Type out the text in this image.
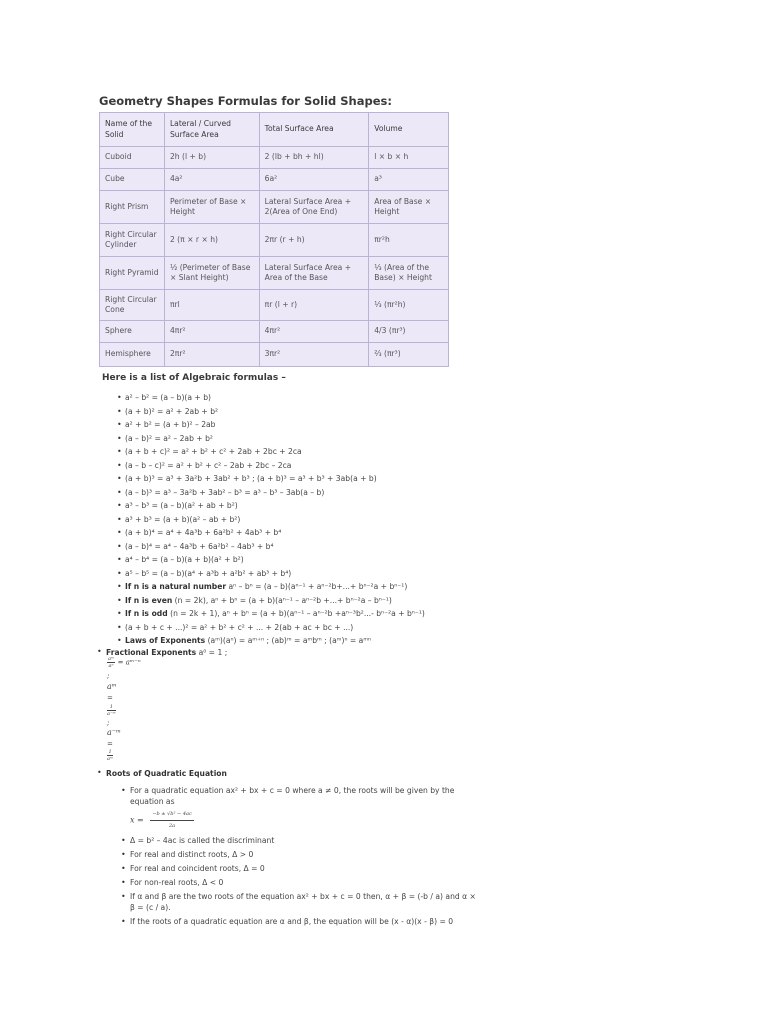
Geometry Shapes Formulas for Solid Shapes:
Name of the Solid	Lateral / Curved Surface Area	Total Surface Area	Volume
Cuboid	2h (l + b)	2 (lb + bh + hl)	l × b × h
Cube	4a²	6a²	a³
Right Prism	Perimeter of Base × Height	Lateral Surface Area + 2(Area of One End)	Area of Base × Height
Right Circular Cylinder	2 (π × r × h)	2πr (r + h)	πr²h
Right Pyramid	½ (Perimeter of Base × Slant Height)	Lateral Surface Area + Area of the Base	⅓ (Area of the Base) × Height
Right Circular Cone	πrl	πr (l + r)	⅓ (πr²h)
Sphere	4πr²	4πr²	4/3 (πr³)
Hemisphere	2πr²	3πr²	⅔ (πr³)
Here is a list of Algebraic formulas –
• a² – b² = (a – b)(a + b)
• (a + b)² = a² + 2ab + b²
• a² + b² = (a + b)² – 2ab
• (a – b)² = a² – 2ab + b²
• (a + b + c)² = a² + b² + c² + 2ab + 2bc + 2ca
• (a – b – c)² = a² + b² + c² – 2ab + 2bc – 2ca
• (a + b)³ = a³ + 3a²b + 3ab² + b³ ; (a + b)³ = a³ + b³ + 3ab(a + b)
• (a – b)³ = a³ – 3a²b + 3ab² – b³ = a³ – b³ – 3ab(a – b)
• a³ – b³ = (a – b)(a² + ab + b²)
• a³ + b³ = (a + b)(a² – ab + b²)
• (a + b)⁴ = a⁴ + 4a³b + 6a²b² + 4ab³ + b⁴
• (a – b)⁴ = a⁴ – 4a³b + 6a²b² – 4ab³ + b⁴
• a⁴ – b⁴ = (a – b)(a + b)(a² + b²)
• a⁵ – b⁵ = (a – b)(a⁴ + a³b + a²b² + ab³ + b⁴)
• If n is a natural number aⁿ – bⁿ = (a – b)(aⁿ⁻¹ + aⁿ⁻²b+...+ bⁿ⁻²a + bⁿ⁻¹)
• If n is even (n = 2k), aⁿ + bⁿ = (a + b)(aⁿ⁻¹ – aⁿ⁻²b +...+ bⁿ⁻²a – bⁿ⁻¹)
• If n is odd (n = 2k + 1), aⁿ + bⁿ = (a + b)(aⁿ⁻¹ – aⁿ⁻²b +aⁿ⁻³b²...- bⁿ⁻²a + bⁿ⁻¹)
• (a + b + c + ...)² = a² + b² + c² + ... + 2(ab + ac + bc + ...)
• Laws of Exponents (aᵐ)(aⁿ) = aᵐ⁺ⁿ ; (ab)ᵐ = aᵐbᵐ ; (aᵐ)ⁿ = aᵐⁿ
• Fractional Exponents a⁰ = 1 ;
$\frac{\text{aᵐ}}{\text{aⁿ}}$ = aᵐ⁻ⁿ
;
aᵐ
=
$\frac{1}{\text{a⁻ᵐ}}$
;
a⁻ᵐ
=
$\frac{1}{\text{aᵐ}}$
• Roots of Quadratic Equation
• For a quadratic equation ax² + bx + c = 0 where a ≠ 0, the roots will be given by the equation as
$x = \frac{\text{−b ± √b² − 4ac}}{2a}$
• Δ = b² – 4ac is called the discriminant
• For real and distinct roots, Δ > 0
• For real and coincident roots, Δ = 0
• For non-real roots, Δ < 0
• If α and β are the two roots of the equation ax² + bx + c = 0 then, α + β = (-b / a) and α × β = (c / a).
• If the roots of a quadratic equation are α and β, the equation will be (x - α)(x - β) = 0
